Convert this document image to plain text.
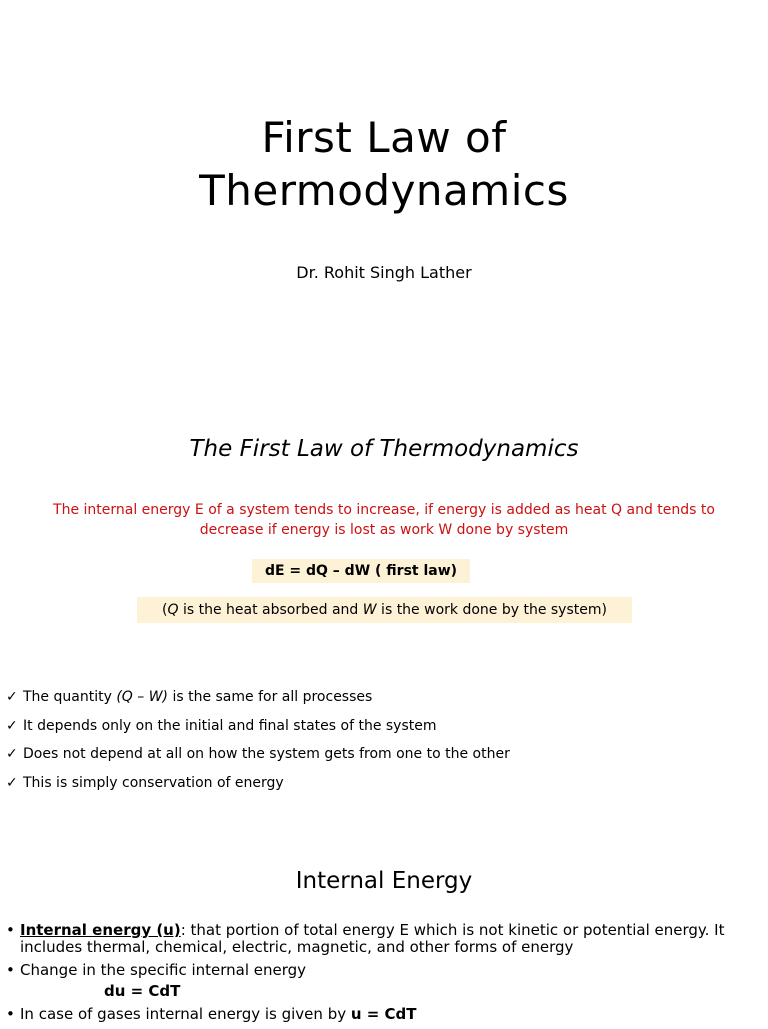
First Law of
Thermodynamics
Dr. Rohit Singh Lather
The First Law of Thermodynamics
The internal energy E of a system tends to increase, if energy is added as heat Q and tends to
decrease if energy is lost as work W done by system
dE = dQ – dW ( first law)
(Q is the heat absorbed and W is the work done by the system)
✓ The quantity (Q – W) is the same for all processes
✓ It depends only on the initial and final states of the system
✓ Does not depend at all on how the system gets from one to the other
✓ This is simply conservation of energy
Internal Energy
• Internal energy (u): that portion of total energy E which is not kinetic or potential energy. It includes thermal, chemical, electric, magnetic, and other forms of energy
• Change in the specific internal energy
du = CdT
• In case of gases internal energy is given by u = CdT
